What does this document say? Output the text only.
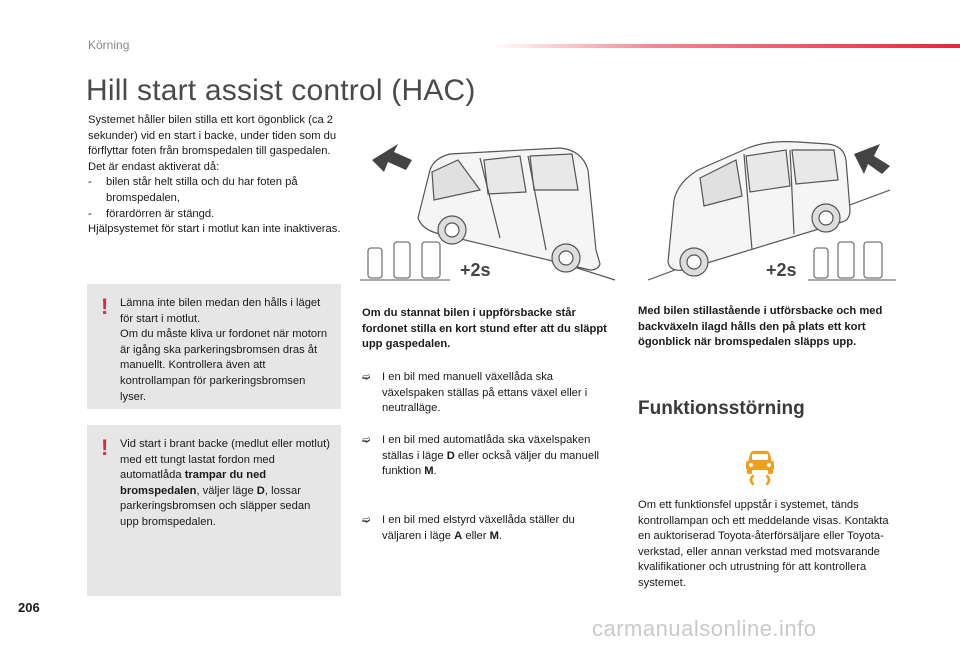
Körning
Hill start assist control (HAC)

Systemet håller bilen stilla ett kort ögonblick (ca 2 sekunder) vid en start i backe, under tiden som du förflyttar foten från bromspedalen till gaspedalen.

Det är endast aktiverat då:

-	bilen står helt stilla och du har foten på bromspedalen,
-	förardörren är stängd.

Hjälpsystemet för start i motlut kan inte inaktiveras.

! Lämna inte bilen medan den hålls i läget för start i motlut.

Om du måste kliva ur fordonet när motorn är igång ska parkeringsbromsen dras åt manuellt. Kontrollera även att kontrollampan för parkeringsbromsen lyser.

! Vid start i brant backe (medlut eller motlut) med ett tungt lastat fordon med automatlåda trampar du ned bromspedalen, väljer läge D, lossar parkeringsbromsen och släpper sedan upp bromspedalen.
+2s	+2s
Om du stannat bilen i uppförsbacke står fordonet stilla en kort stund efter att du släppt upp gaspedalen.
Med bilen stillastående i utförsbacke och med backväxeln ilagd hålls den på plats ett kort ögonblick när bromspedalen släpps upp.
➫	I en bil med manuell växellåda ska växelspaken ställas på ettans växel eller i neutralläge.
➫	I en bil med automatlåda ska växelspaken ställas i läge D eller också väljer du manuell funktion M.
➫	I en bil med elstyrd växellåda ställer du väljaren i läge A eller M.
Funktionsstörning
Om ett funktionsfel uppstår i systemet, tänds kontrollampan och ett meddelande visas. Kontakta en auktoriserad Toyota-återförsäljare eller Toyota-verkstad, eller annan verkstad med motsvarande kvalifikationer och utrustning för att kontrollera systemet.
206
carmanualsonline.info
